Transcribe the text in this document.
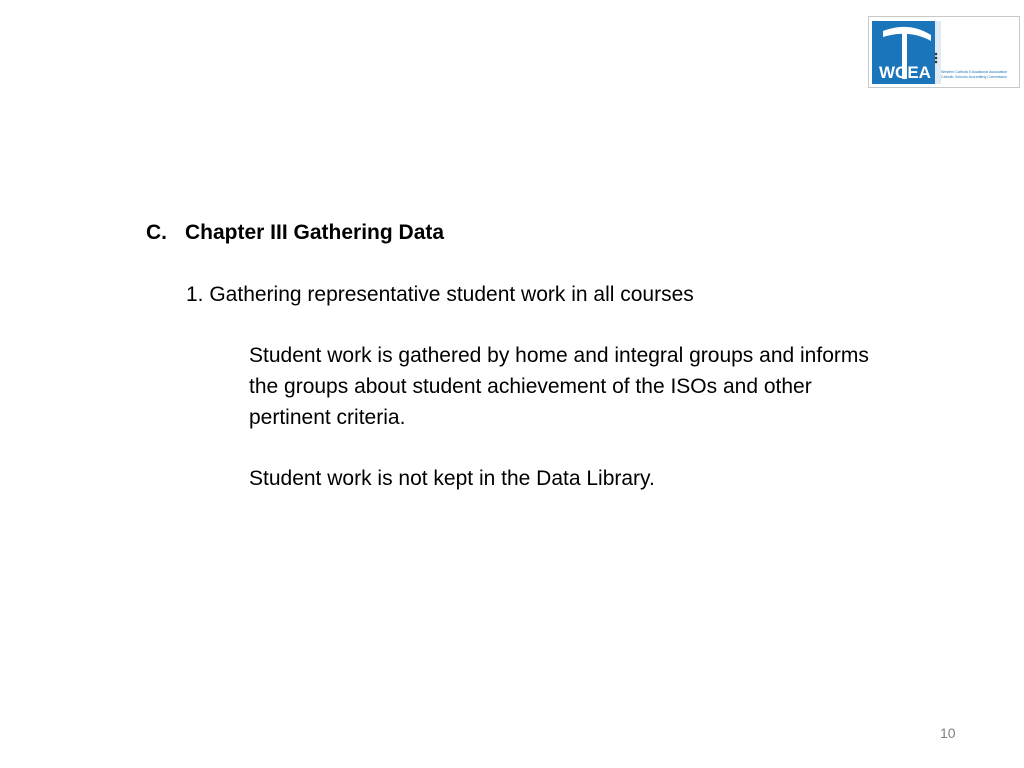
WCEA	Western Catholic Educational Association
Catholic Schools Accrediting Commission
C. Chapter III Gathering Data
1. Gathering representative student work in all courses
Student work is gathered by home and integral groups and informs the groups about student achievement of the ISOs and other pertinent criteria.
Student work is not kept in the Data Library.
10
